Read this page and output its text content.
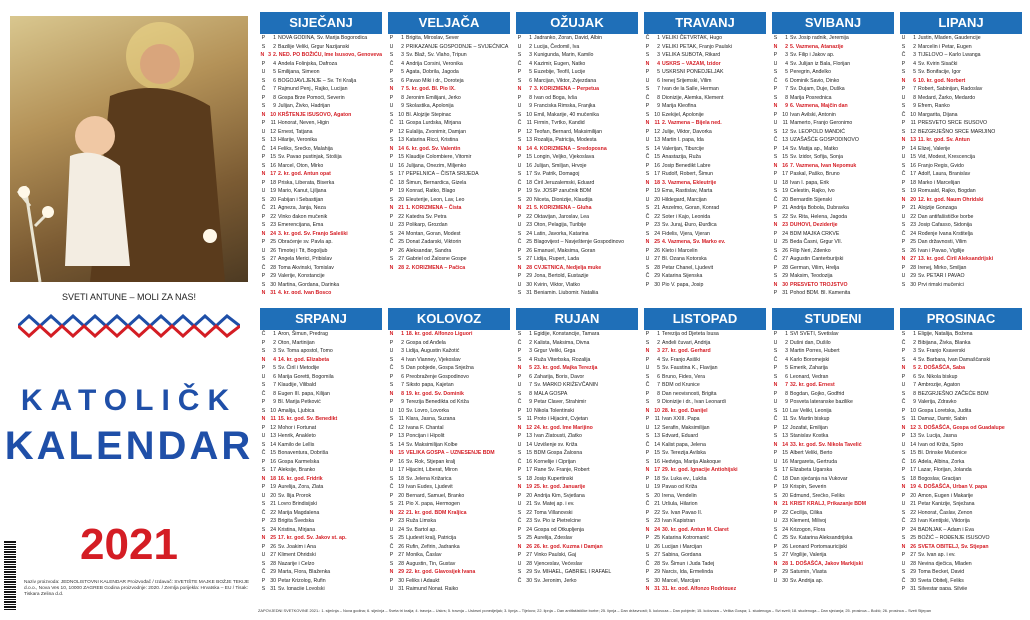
SVETI ANTUNE – MOLI ZA NAS!
KATOLIČK
KALENDAR
2021
Naziv proizvoda: JEDNOLISTOVNI KALENDAR Proizvođač / Izdavač: SVETIŠTE MAJKE BOŽJE TEKIJE d.o.o., Nova Ves 10, 10000 ZAGREB Godina proizvodnje: 2020. / Zemlja porijekla: Hrvatska – EU / Tisak: Tiskara Zelina d.d.
SIJEČANJ
P	1 NOVA GODINA, Sv. Marija Bogorodica
S	2 Bazilije Veliki, Grgur Nazijanski
N 3 2. NED. PO BOŽIĆU, Ime Isusovo, Genoveva
P	4 Andela Folinjska, Dafroza
U	5 Emilijana, Simeon
S	6 BOGOJAVLJENJE – Sv. Tri Kralja
Č	7 Rajmund Penj., Rajko, Lucijan
P	8 Gospa Brze Pomoći, Severin
S	9 Julijan, Živko, Hadrijan
N 10 KRŠTENJE ISUSOVO, Agaton
P	11 Honorat, Neven, Higin
U 12 Ernest, Tatjana
S 13 Hilarije, Veronika
Č 14 Feliks, Srećko, Malahija
P 15 Sv. Pavao pustinjak, Stošija
S 16 Marcel, Oton, Mirko
N 17 2. kr. god. Antun opat
P 18 Priska, Liberata, Biserka
U 19 Mario, Kanut, Ljiljana
S 20 Fabijan i Sebastijan
Č 21 Agneza, Janja, Neza
P 22 Vinko đakon mučenik
S 23 Emerencijana, Ema
N 24 3. kr. god. Sv. Franjo Saleški
P 25 Obraćenje sv. Pavla ap.
U 26 Timotej i Tit, Bogoljub
S 27 Angela Merici, Pribislav
Č 28 Toma Akvinski, Tomislav
P 29 Valerije, Konstancije
S 30 Martina, Gordana, Darinka
N 31 4. kr. god. Ivan Bosco
VELJAČA
P	1 Brigita, Miroslav, Sever
U	2 PRIKAZANJE GOSPODNJE – SVIJEĆNICA
S	3 Sv. Blaž, Sv. Vlaho, Tripun
Č	4 Andrija Corsini, Veronika
P	5 Agata, Dobrila, Jagoda
S	6 Pavao Miki i dr., Doroteja
N	7 5. kr. god. Bl. Pio IX.
P	8 Jeronim Emilijani, Jerko
U	9 Skolastika, Apolonija
S 10 Bl. Alojzije Stepinac
Č	11 Gospa Lurdska, Mirjana
P 12 Eulalija, Zvonimir, Damjan
S 13 Katarina Ricci, Kristina
N 14 6. kr. god. Sv. Valentin
P 15 Klaudije Colombiere, Vitomir
U 16 Julijana, Onezim, Miljenko
S 17 PEPELNICA – ČISTA SRIJEDA
Č 18 Šimun, Bernardica, Gizela
P 19 Konrad, Ratko, Blago
S 20 Eleuterije, Leon, Lav, Leo
N 21 1. KORIZMENA – Čista
P 22 Katedra Sv. Petra
U 23 Polikarp, Grozdan
S 24 Montan, Goran, Modest
Č 25 Donat Zadarski, Viktorin
P 26 Aleksandar, Sandra
S 27 Gabriel od Žalosne Gospe
N 28 2. KORIZMENA – Pačica
OŽUJAK
P	1 Jadranko, Zoran, David, Albin
U	2 Lucija, Čedomil, Iva
S	3 Kunigunda, Marin, Kamilo
Č	4 Kazimir, Eugen, Natko
P	5 Euzebije, Teofil, Lucije
S	6 Marcijan, Viktor, Zvjezdana
N	7 3. KORIZMENA – Perpetua
P	8 Ivan od Boga, Ivša
U	9 Franciska Rimska, Franjka
S 10 Emil, Makarije, 40 mučenika
Č	11 Firmin, Tvrtko, Kandid
P 12 Teofan, Bernard, Maksimilijan
S 13 Rozalija, Patricija, Modesta
N 14 4. KORIZMENA – Sredoposna
P 15 Longin, Veljko, Vjekoslava
U 16 Julijan, Smiljan, Hrvoje
S 17 Sv. Patrik, Domagoj
Č 18 Ćiril Jeruzalemski, Eduard
P 19 Sv. JOSIP zaručnik BDM
S 20 Niceta, Dionizije, Klaudija
N 21 5. KORIZMENA – Gluha
P 22 Oktavijan, Jaroslav, Lea
U 23 Oton, Pelagija, Turibije
S 24 Latin, Javorka, Katarina
Č 25 Blagovijest – Navještenje Gospodinovo
P 26 Emanuel, Maksima, Goran
S 27 Lidija, Rupert, Lada
N 28 CVJETNICA, Nedjelja muke
P 29 Jona, Bertold, Eustazije
U 30 Kvirin, Viktor, Vlatko
S 31 Benjamin, Ljubomir, Natalija
TRAVANJ
Č	1 VELIKI ČETVRTAK, Hugo
P	2 VELIKI PETAK, Franjo Paulski
S	3 VELIKA SUBOTA, Rikard
N	4 USKRS – VAZAM, Izidor
P	5 USKRSNI PONEDJELJAK
U	6 Irenej Srijemski, Vilim
S	7 Ivan de la Salle, Herman
Č	8 Dionizije, Alemka, Klement
P	9 Marija Kleofina
S 10 Ezekijel, Apolonije
N 11 2. Vazmena – Bijela ned.
P 12 Julije, Viktor, Davorka
U 13 Martin I. papa, Ida
S 14 Valerijan, Tiburcije
Č 15 Anastazija, Ruža
P 16 Josip Benedikt Labre
S 17 Rudolf, Robert, Šimun
N 18 3. Vazmena, Ekleutrije
P 19 Ema, Rastislav, Marta
U 20 Hildegard, Marcijan
S 21 Anzelmo, Goran, Konrad
Č 22 Soter i Kajo, Leonida
P 23 Sv. Juraj, Đuro, Đurđica
S 24 Fidelis, Vjera, Vjeran
N 25 4. Vazmena, Sv. Marko ev.
P 26 Kleto i Marcelin
U 27 Bl. Ozana Kotorska
S 28 Petar Chanel, Ljudevit
Č 29 Katarina Sijenska
P 30 Pio V. papa, Josip
SVIBANJ
S	1 Sv. Josip radnik, Jeremija
N	2 5. Vazmena, Atanazije
P	3 Sv. Filip i Jakov ap.
U	4 Sv. Julijan iz Bala, Florijan
S	5 Peregrin, Anđelko
Č	6 Dominik Savio, Dinko
P	7 Sv. Dujam, Duje, Duška
S	8 Marija Posrednica
N	9 6. Vazmena, Majčin dan
P 10 Ivan Avilski, Antonin
U	11 Mamerto, Franjo Geronimo
S 12 Sv. LEOPOLD MANDIĆ
Č 13 UZAŠAŠĆE GOSPODINOVO
P 14 Sv. Matija ap., Matko
S 15 Sv. Izidor, Sofija, Sonja
N 16 7. Vazmena, Ivan Nepomuk
P 17 Paskal, Paško, Bruno
U 18 Ivan I. papa, Erik
S 19 Celestin, Rajko, Ivo
Č 20 Bernardin Sijenski
P 21 Andrija Bobola, Dubravka
S 22 Sv. Rita, Helena, Jagoda
N 23 DUHOVI, Deziderije
P 24 BDM MAJKA CRKVE
U 25 Beda Časni, Grgur VII.
S 26 Filip Neri, Zdenko
Č 27 Augustin Canterburijski
P 28 German, Vilim, Hrelja
S 29 Maksim, Teodozija
N 30 PRESVETO TROJSTVO
P 31 Pohod BDM, Bl. Kamenita
LIPANJ
U	1 Justin, Mladen, Gaudencije
S	2 Marcelin i Petar, Eugen
Č	3 TIJELOVO – Karlo Lwanga
P	4 Sv. Kvirin Sisački
S	5 Sv. Bonifacije, Igor
N	6 10. kr. god. Norbert
P	7 Robert, Sabinijan, Radoslav
U	8 Medard, Žarko, Medardo
S	9 Efrem, Ranko
Č 10 Margarita, Dijana
P	11 PRESVETO SRCE ISUSOVO
S 12 BEZGRJEŠNO SRCE MARIJINO
N 13 11. kr. god. Sv. Antun
P 14 Elizej, Valerije
U 15 Vid, Modest, Krescencija
S 16 Franjo Regis, Gvido
Č 17 Adolf, Laura, Branislav
P 18 Marko i Marcelijan
S 19 Romuald, Rajko, Bogdan
N 20 12. kr. god. Naum Ohridski
P 21 Alojzije Gonzaga
U 22 Dan antifašističke borbe
S 23 Josip Cafasso, Sidonija
Č 24 Rođenje Ivana Krstitelja
P 25 Dan državnosti, Vilim
S 26 Ivan i Pavao, Vigilije
N 27 13. kr. god. Ćiril Aleksandrijski
P 28 Irenej, Mirko, Smiljan
U 29 Sv. PETAR I PAVAO
S 30 Prvi rimski mučenici
SRPANJ
Č	1 Aron, Šimun, Predrag
P	2 Oton, Martinijan
S	3 Sv. Toma apostol, Tomo
N	4 14. kr. god. Elizabeta
P	5 Sv. Ćiril i Metodije
U	6 Marija Goretti, Bogomila
S	7 Klaudije, Vilibald
Č	8 Eugen III. papa, Kilijan
P	9 Bl. Marija Petković
S 10 Amalija, Ljubica
N 11 15. kr. god. Sv. Benedikt
P 12 Mohor i Fortunat
U 13 Henrik, Anakleto
S 14 Kamilo de Lellis
Č 15 Bonaventura, Dobriša
P 16 Gospa Karmelska
S 17 Aleksije, Branko
N 18 16. kr. god. Fridrik
P 19 Aurelija, Zora, Zlata
U 20 Sv. Ilija Prorok
S 21 Lovro Brindisijski
Č 22 Marija Magdalena
P 23 Brigita Švedska
S 24 Kristina, Mirjana
N 25 17. kr. god. Sv. Jakov st. ap.
P 26 Sv. Joakim i Ana
U 27 Kliment Ohridski
S 28 Nazarije i Celzo
Č 29 Marta, Flora, Blaženka
P 30 Petar Krizolog, Rufin
S 31 Sv. Ignacije Loyolski
KOLOVOZ
N	1 18. kr. god. Alfonzo Liguori
P	2 Gospa od Anđela
U	3 Lidija, Augustin Kažotić
S	4 Ivan Vianney, Vjekoslav
Č	5 Dan pobjede, Gospa Snježna
P	6 Preobraženje Gospodinovo
S	7 Siksto papa, Kajetan
N	8 19. kr. god. Sv. Dominik
P	9 Terezija Benedikta od Križa
U 10 Sv. Lovro, Lovorka
S	11 Klara, Jasna, Suzana
Č 12 Ivana F. Chantal
P 13 Poncijan i Hipolit
S 14 Sv. Maksimilijan Kolbe
N 15 VELIKA GOSPA – UZNESENJE BDM
P 16 Sv. Rok, Stjepan kralj
U 17 Hijacint, Liberat, Miron
S 18 Sv. Jelena Križarica
Č 19 Ivan Eudes, Ljudevit
P 20 Bernard, Samuel, Branko
S 21 Pio X. papa, Hermogen
N 22 21. kr. god. BDM Kraljica
P 23 Ruža Limska
U 24 Sv. Bartol ap.
S 25 Ljudevit kralj, Patricija
Č 26 Rufin, Zefirin, Jadranka
P 27 Monika, Časlav
S 28 Augustin, Tin, Gustav
N 29 22. kr. god. Glavosijek Ivana
P 30 Feliks i Adaukt
U 31 Rajmund Nonat, Rajko
RUJAN
S	1 Egidije, Konstancije, Tamara
Č	2 Kalista, Maksima, Divna
P	3 Grgur Veliki, Grga
S	4 Ruža Viterbska, Rozalija
N	5 23. kr. god. Majka Terezija
P	6 Zaharija, Boris, Davor
U	7 Sv. MARKO KRIŽEVČANIN
S	8 MALA GOSPA
Č	9 Petar Claver, Strahimir
P 10 Nikola Tolentinski
S	11 Proto i Hijacint, Cvjetan
N 12 24. kr. god. Ime Marijino
P 13 Ivan Zlatousti, Zlatko
U 14 Uzvišenje sv. Križa
S 15 BDM Gospa Žalosna
Č 16 Kornelije i Ciprijan
P 17 Rane Sv. Franje, Robert
S 18 Josip Kupertinski
N 19 25. kr. god. Januarije
P 20 Andrija Kim, Svjetlana
U 21 Sv. Matej ap. i ev.
S 22 Toma Villanovski
Č 23 Sv. Pio iz Pietrelcine
P 24 Gospa od Otkupljenja
S 25 Aurelija, Zdeslav
N 26 26. kr. god. Kuzma i Damjan
P 27 Vinko Paulski, Gaj
U 28 Vjenceslav, Većeslav
S 29 Sv. MIHAEL, GABRIEL I RAFAEL
Č 30 Sv. Jeronim, Jerko
LISTOPAD
P	1 Terezija od Djeteta Isusa
S	2 Anđeli čuvari, Andrija
N	3 27. kr. god. Gerhard
P	4 Sv. Franjo Asiški
U	5 Sv. Faustina K., Flavijan
S	6 Bruno, Fides, Vera
Č	7 BDM od Krunice
P	8 Dan neovisnosti, Brigita
S	9 Dionizije i dr., Ivan Leonardi
N 10 28. kr. god. Danijel
P	11 Ivan XXIII. Papa
U 12 Serafin, Maksimilijan
S 13 Edvard, Eduard
Č 14 Kalist papa, Jelena
P 15 Sv. Terezija Avilska
S 16 Hedviga, Marija Alakoque
N 17 29. kr. god. Ignacije Antiohijski
P 18 Sv. Luka ev., Lukša
U 19 Pavao od Križa
S 20 Irena, Vendelin
Č 21 Uršula, Hilarion
P 22 Sv. Ivan Pavao II.
S 23 Ivan Kapistran
N 24 30. kr. god. Antun M. Claret
P 25 Katarina Kotromanić
U 26 Lucijan i Marcijan
S 27 Sabina, Gordana
Č 28 Sv. Šimun i Juda Tadej
P 29 Narcis, Ida, Ermelinda
S 30 Marcel, Marcijan
N 31 31. kr. god. Alfonzo Rodriguez
STUDENI
P	1 SVI SVETI, Svetislav
U	2 Dušni dan, Dušilo
S	3 Martin Porres, Hubert
Č	4 Karlo Boromejski
P	5 Emerik, Zaharija
S	6 Leonard, Vedran
N	7 32. kr. god. Ernest
P	8 Bogdan, Gojko, Godfrid
U	9 Posveta lateranske bazilike
S 10 Lav Veliki, Leonija
Č	11 Sv. Martin biskup
P 12 Jozafat, Emilijan
S 13 Stanislav Kostka
N 14 33. kr. god. Sv. Nikola Tavelić
P 15 Albert Veliki, Berto
U 16 Margareta, Gertruda
S 17 Elizabeta Ugarska
Č 18 Dan sjećanja na Vukovar
P 19 Krispin, Severin
S 20 Edmund, Srećko, Feliks
N 21 KRIST KRALJ, Prikazanje BDM
P 22 Cecilija, Cilika
U 23 Klement, Milivoj
S 24 Krizogon, Flora
Č 25 Sv. Katarina Aleksandrijska
P 26 Leonard Portomauricijski
S 27 Virgilije, Valerija
N 28 1. DOŠAŠĆA, Jakov Markijski
P 29 Saturnin, Vlasta
U 30 Sv. Andrija ap.
PROSINAC
S	1 Eligije, Natalija, Božena
Č	2 Bibijana, Živka, Blanka
P	3 Sv. Franjo Ksaverski
S	4 Sv. Barbara, Ivan Damaščanski
N	5 2. DOŠAŠĆA, Saba
P	6 Sv. Nikola biskup
U	7 Ambrozije, Agaton
S	8 BEZGRJEŠNO ZAČEĆE BDM
Č	9 Valerija, Zdravko
P 10 Gospa Loretska, Judita
S	11 Damaz, Damir, Sabin
N 12 3. DOŠAŠĆA, Gospa od Guadalupe
P 13 Sv. Lucija, Jasna
U 14 Ivan od Križa, Spiro
S 15 Bl. Drinske Mučenice
Č 16 Adela, Albina, Zorka
P 17 Lazar, Florijan, Jolanda
S 18 Bogoslav, Gracijan
N 19 4. DOŠAŠĆA, Urban V. papa
P 20 Amon, Eugen i Makarije
U 21 Petar Kanizije, Snježana
S 22 Honorat, Časlav, Zenon
Č 23 Ivan Kentijski, Viktorija
P 24 BADNJAK – Adam i Eva
S 25 BOŽIĆ – ROĐENJE ISUSOVO
N 26 SVETA OBITELJ, Sv. Stjepan
P 27 Sv. Ivan ap. i ev.
U 28 Nevina dječica, Mladen
S 29 Toma Becket, David
Č 30 Sveta Obitelj, Feliks
P 31 Silvestar papa, Silvije
ZAPOVJEDNI SVETKOVINE 2021.: 1. siječnja – Nova godina; 6. siječnja – Sveta tri kralja; 4. travnja – Uskrs; 5. travnja – Uskrsni ponedjeljak; 3. lipnja – Tijelovo; 22. lipnja – Dan antifašističke borbe; 25. lipnja – Dan državnosti; 5. kolovoza – Dan pobjede; 15. kolovoza – Velika Gospa; 1. studenoga – Svi sveti; 18. studenoga – Dan sjećanja; 25. prosinca – Božić; 26. prosinca – Sveti Stjepan
